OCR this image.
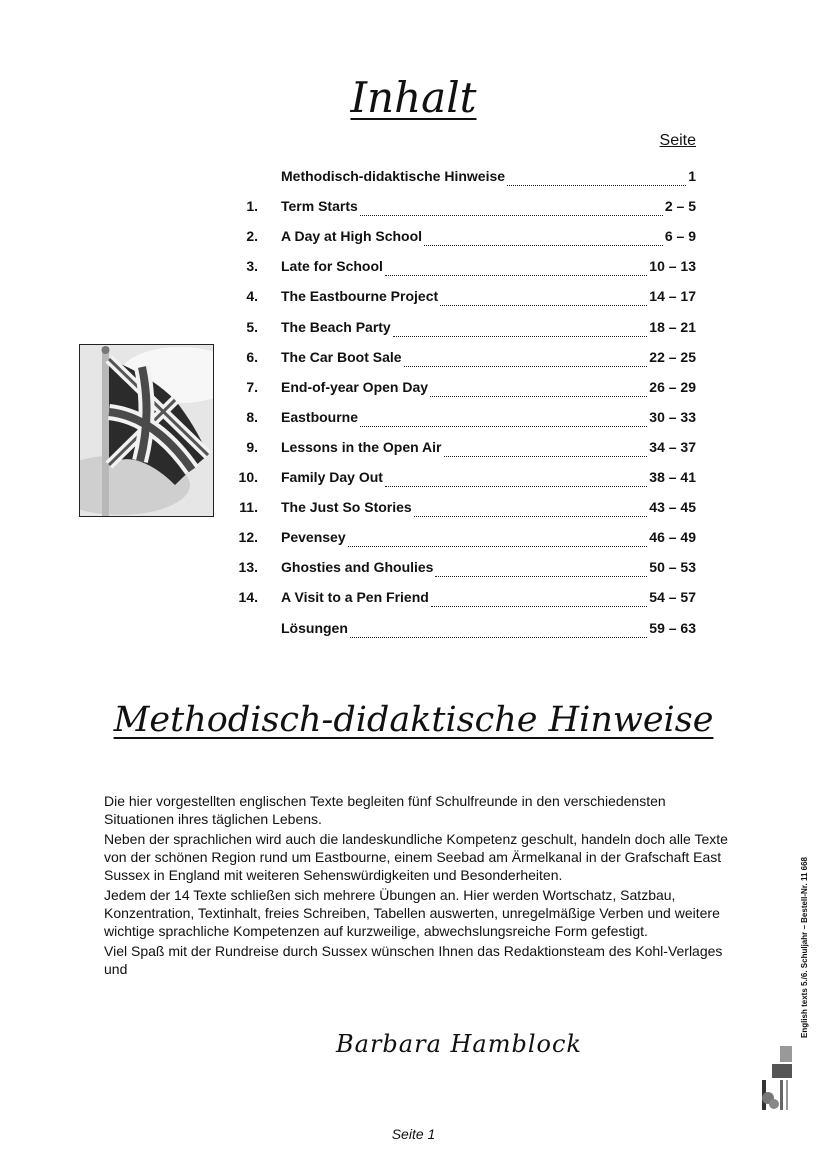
Inhalt
Seite
Methodisch-didaktische Hinweise	1
1. Term Starts	2 – 5
2. A Day at High School	6 – 9
3. Late for School	10 – 13
4. The Eastbourne Project	14 – 17
5. The Beach Party	18 – 21
6. The Car Boot Sale	22 – 25
7. End-of-year Open Day	26 – 29
8. Eastbourne	30 – 33
9. Lessons in the Open Air	34 – 37
10. Family Day Out	38 – 41
11. The Just So Stories	43 – 45
12. Pevensey	46 – 49
13. Ghosties and Ghoulies	50 – 53
14. A Visit to a Pen Friend	54 – 57
Lösungen	59 – 63
Methodisch-didaktische Hinweise

Die hier vorgestellten englischen Texte begleiten fünf Schulfreunde in den verschiedensten Situationen ihres täglichen Lebens.

Neben der sprachlichen wird auch die landeskundliche Kompetenz geschult, handeln doch alle Texte von der schönen Region rund um Eastbourne, einem Seebad am Ärmelkanal in der Grafschaft East Sussex in England mit weiteren Sehenswürdigkeiten und Besonderheiten.

Jedem der 14 Texte schließen sich mehrere Übungen an. Hier werden Wortschatz, Satzbau, Konzentration, Textinhalt, freies Schreiben, Tabellen auswerten, unregelmäßige Verben und weitere wichtige sprachliche Kompetenzen auf kurzweilige, abwechslungsreiche Form gefestigt.

Viel Spaß mit der Rundreise durch Sussex wünschen Ihnen das Redaktionsteam des Kohl-Verlages und

Barbara Hamblock
English texts 5./6. Schuljahr – Bestell-Nr. 11 668
Seite 1
